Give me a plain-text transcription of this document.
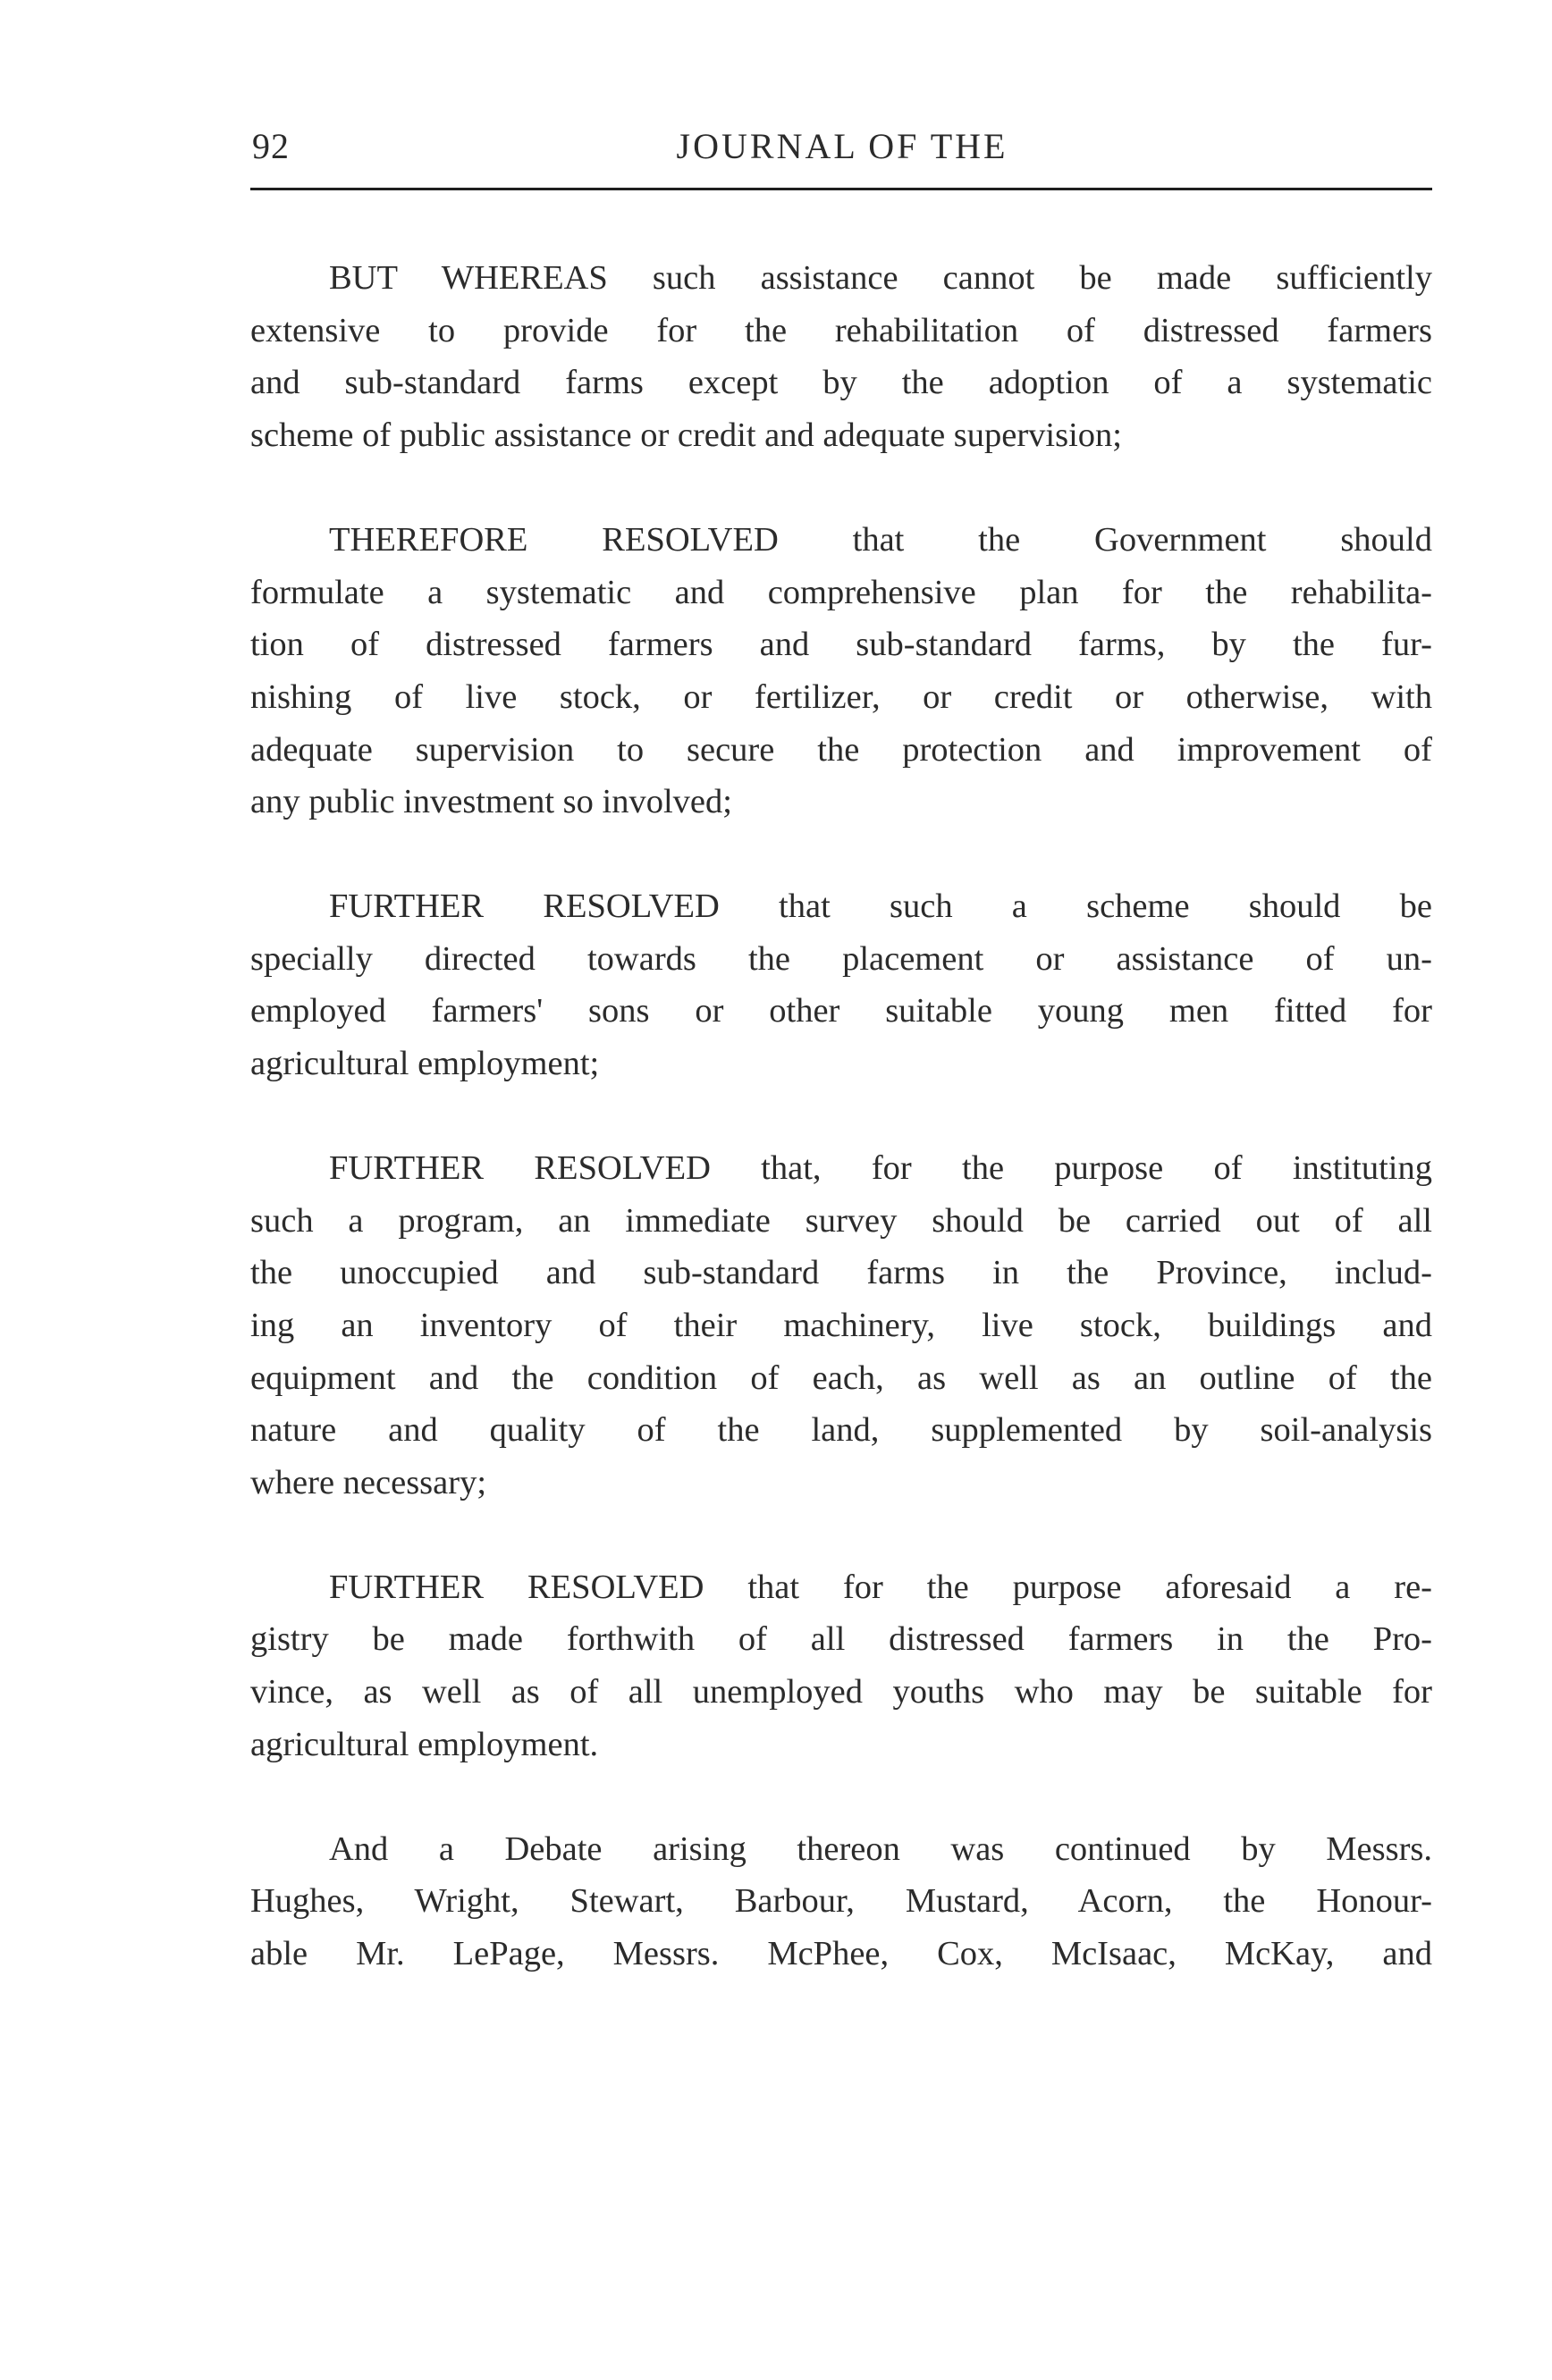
92	JOURNAL OF THE

BUT WHEREAS such assistance cannot be made sufficiently
extensive to provide for the rehabilitation of distressed farmers
and sub-standard farms except by the adoption of a systematic
scheme of public assistance or credit and adequate supervision;

THEREFORE RESOLVED that the Government should
formulate a systematic and comprehensive plan for the rehabilita-
tion of distressed farmers and sub-standard farms, by the fur-
nishing of live stock, or fertilizer, or credit or otherwise, with
adequate supervision to secure the protection and improvement of
any public investment so involved;

FURTHER RESOLVED that such a scheme should be
specially directed towards the placement or assistance of un-
employed farmers' sons or other suitable young men fitted for
agricultural employment;

FURTHER RESOLVED that, for the purpose of instituting
such a program, an immediate survey should be carried out of all
the unoccupied and sub-standard farms in the Province, includ-
ing an inventory of their machinery, live stock, buildings and
equipment and the condition of each, as well as an outline of the
nature and quality of the land, supplemented by soil-analysis
where necessary;

FURTHER RESOLVED that for the purpose aforesaid a re-
gistry be made forthwith of all distressed farmers in the Pro-
vince, as well as of all unemployed youths who may be suitable for
agricultural employment.

And a Debate arising thereon was continued by Messrs.
Hughes, Wright, Stewart, Barbour, Mustard, Acorn, the Honour-
able Mr. LePage, Messrs. McPhee, Cox, McIsaac, McKay, and
